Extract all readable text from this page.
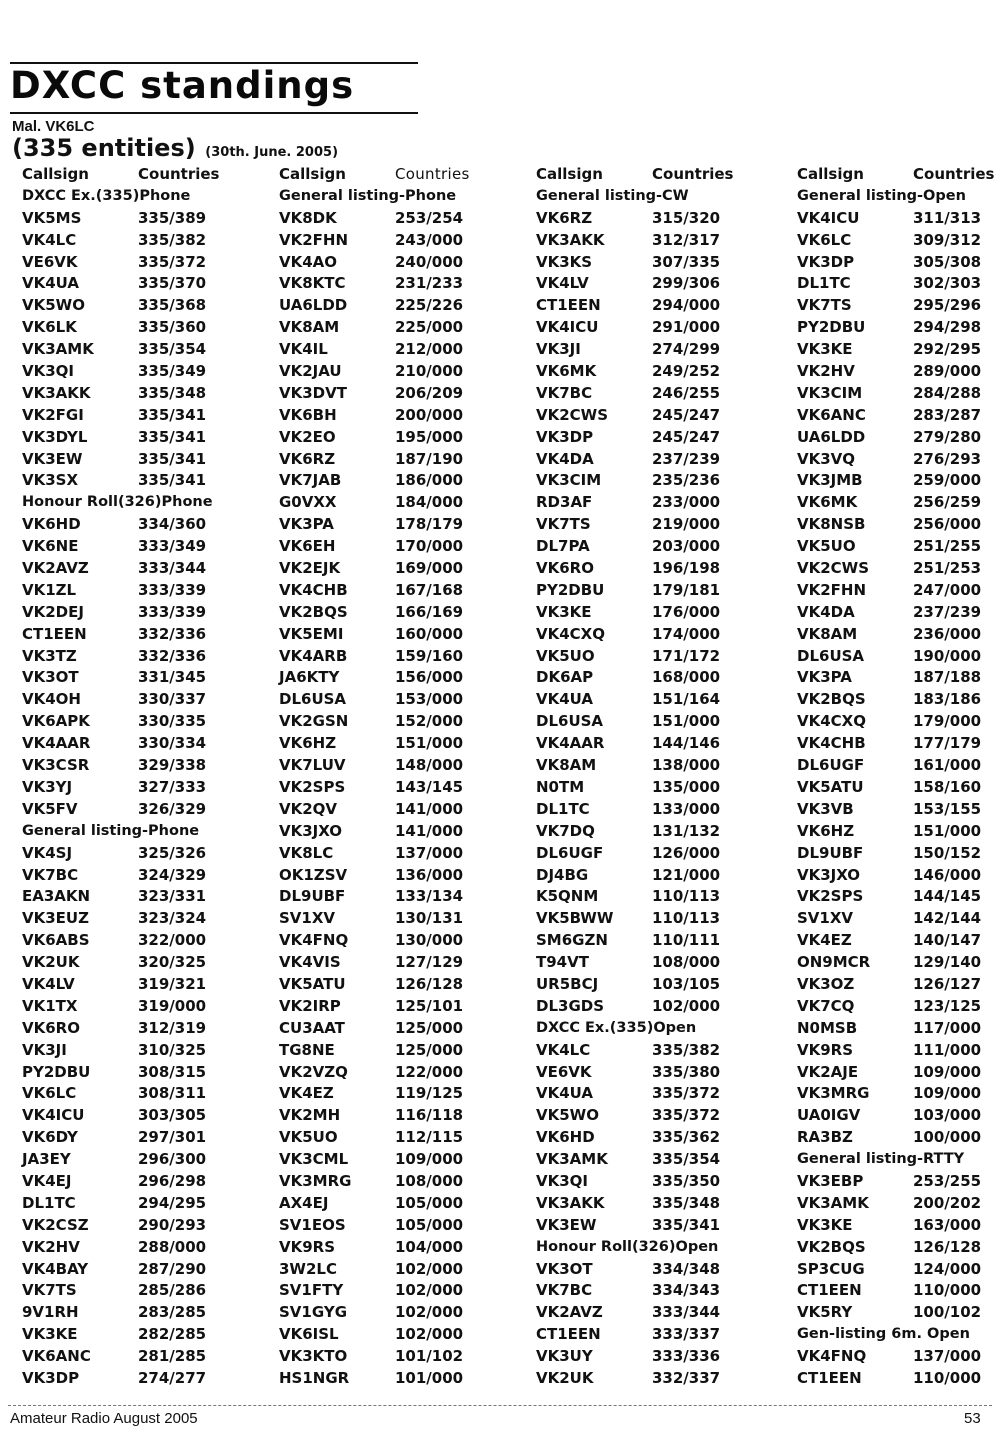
DXCC standings
Mal. VK6LC
(335 entities) (30th. June. 2005)
Callsign	Countries
DXCC Ex.(335)Phone
VK5MS	335/389
VK4LC	335/382
VE6VK	335/372
VK4UA	335/370
VK5WO	335/368
VK6LK	335/360
VK3AMK	335/354
VK3QI	335/349
VK3AKK	335/348
VK2FGI	335/341
VK3DYL	335/341
VK3EW	335/341
VK3SX	335/341
Honour Roll(326)Phone
VK6HD	334/360
VK6NE	333/349
VK2AVZ	333/344
VK1ZL	333/339
VK2DEJ	333/339
CT1EEN	332/336
VK3TZ	332/336
VK3OT	331/345
VK4OH	330/337
VK6APK	330/335
VK4AAR	330/334
VK3CSR	329/338
VK3YJ	327/333
VK5FV	326/329
General listing-Phone
VK4SJ	325/326
VK7BC	324/329
EA3AKN	323/331
VK3EUZ	323/324
VK6ABS	322/000
VK2UK	320/325
VK4LV	319/321
VK1TX	319/000
VK6RO	312/319
VK3JI	310/325
PY2DBU	308/315
VK6LC	308/311
VK4ICU	303/305
VK6DY	297/301
JA3EY	296/300
VK4EJ	296/298
DL1TC	294/295
VK2CSZ	290/293
VK2HV	288/000
VK4BAY	287/290
VK7TS	285/286
9V1RH	283/285
VK3KE	282/285
VK6ANC	281/285
VK3DP	274/277
Callsign	Countries
General listing-Phone
VK8DK	253/254
VK2FHN	243/000
VK4AO	240/000
VK8KTC	231/233
UA6LDD	225/226
VK8AM	225/000
VK4IL	212/000
VK2JAU	210/000
VK3DVT	206/209
VK6BH	200/000
VK2EO	195/000
VK6RZ	187/190
VK7JAB	186/000
G0VXX	184/000
VK3PA	178/179
VK6EH	170/000
VK2EJK	169/000
VK4CHB	167/168
VK2BQS	166/169
VK5EMI	160/000
VK4ARB	159/160
JA6KTY	156/000
DL6USA	153/000
VK2GSN	152/000
VK6HZ	151/000
VK7LUV	148/000
VK2SPS	143/145
VK2QV	141/000
VK3JXO	141/000
VK8LC	137/000
OK1ZSV	136/000
DL9UBF	133/134
SV1XV	130/131
VK4FNQ	130/000
VK4VIS	127/129
VK5ATU	126/128
VK2IRP	125/101
CU3AAT	125/000
TG8NE	125/000
VK2VZQ	122/000
VK4EZ	119/125
VK2MH	116/118
VK5UO	112/115
VK3CML	109/000
VK3MRG	108/000
AX4EJ	105/000
SV1EOS	105/000
VK9RS	104/000
3W2LC	102/000
SV1FTY	102/000
SV1GYG	102/000
VK6ISL	102/000
VK3KTO	101/102
HS1NGR	101/000
Callsign	Countries
General listing-CW
VK6RZ	315/320
VK3AKK	312/317
VK3KS	307/335
VK4LV	299/306
CT1EEN	294/000
VK4ICU	291/000
VK3JI	274/299
VK6MK	249/252
VK7BC	246/255
VK2CWS	245/247
VK3DP	245/247
VK4DA	237/239
VK3CIM	235/236
RD3AF	233/000
VK7TS	219/000
DL7PA	203/000
VK6RO	196/198
PY2DBU	179/181
VK3KE	176/000
VK4CXQ	174/000
VK5UO	171/172
DK6AP	168/000
VK4UA	151/164
DL6USA	151/000
VK4AAR	144/146
VK8AM	138/000
N0TM	135/000
DL1TC	133/000
VK7DQ	131/132
DL6UGF	126/000
DJ4BG	121/000
K5QNM	110/113
VK5BWW	110/113
SM6GZN	110/111
T94VT	108/000
UR5BCJ	103/105
DL3GDS	102/000
DXCC Ex.(335)Open
VK4LC	335/382
VE6VK	335/380
VK4UA	335/372
VK5WO	335/372
VK6HD	335/362
VK3AMK	335/354
VK3QI	335/350
VK3AKK	335/348
VK3EW	335/341
Honour Roll(326)Open
VK3OT	334/348
VK7BC	334/343
VK2AVZ	333/344
CT1EEN	333/337
VK3UY	333/336
VK2UK	332/337
Callsign	Countries
General listing-Open
VK4ICU	311/313
VK6LC	309/312
VK3DP	305/308
DL1TC	302/303
VK7TS	295/296
PY2DBU	294/298
VK3KE	292/295
VK2HV	289/000
VK3CIM	284/288
VK6ANC	283/287
UA6LDD	279/280
VK3VQ	276/293
VK3JMB	259/000
VK6MK	256/259
VK8NSB	256/000
VK5UO	251/255
VK2CWS	251/253
VK2FHN	247/000
VK4DA	237/239
VK8AM	236/000
DL6USA	190/000
VK3PA	187/188
VK2BQS	183/186
VK4CXQ	179/000
VK4CHB	177/179
DL6UGF	161/000
VK5ATU	158/160
VK3VB	153/155
VK6HZ	151/000
DL9UBF	150/152
VK3JXO	146/000
VK2SPS	144/145
SV1XV	142/144
VK4EZ	140/147
ON9MCR	129/140
VK3OZ	126/127
VK7CQ	123/125
N0MSB	117/000
VK9RS	111/000
VK2AJE	109/000
VK3MRG	109/000
UA0IGV	103/000
RA3BZ	100/000
General listing-RTTY
VK3EBP	253/255
VK3AMK	200/202
VK3KE	163/000
VK2BQS	126/128
SP3CUG	124/000
CT1EEN	110/000
VK5RY	100/102
Gen-listing 6m. Open
VK4FNQ	137/000
CT1EEN	110/000
Amateur Radio August 2005	53
